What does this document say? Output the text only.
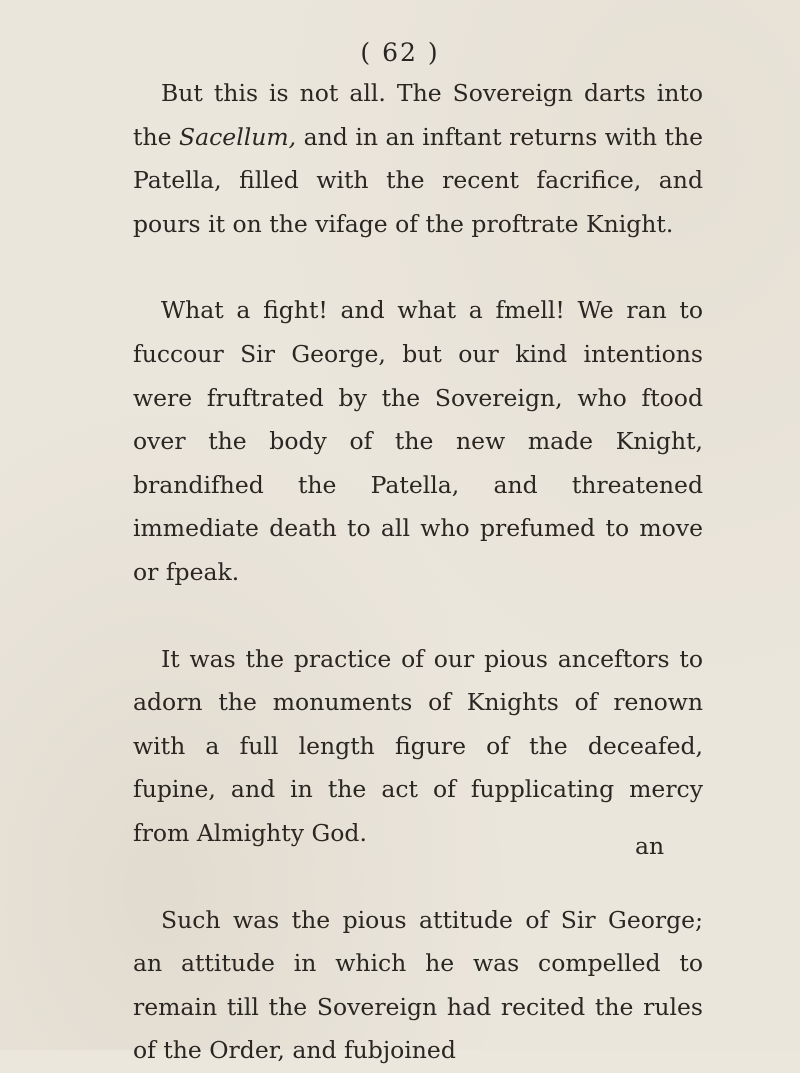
( 62 )

But this is not all. The Sovereign darts into the Sacellum, and in an inftant returns with the Patella, filled with the recent facrifice, and pours it on the vifage of the proftrate Knight.

What a fight! and what a fmell! We ran to fuccour Sir George, but our kind intentions were fruftrated by the Sovereign, who ftood over the body of the new made Knight, brandifhed the Patella, and threatened immediate death to all who prefumed to move or fpeak.

It was the practice of our pious anceftors to adorn the monuments of Knights of renown with a full length figure of the deceafed, fupine, and in the act of fupplicating mercy from Almighty God.

Such was the pious attitude of Sir George; an attitude in which he was compelled to remain till the Sovereign had recited the rules of the Order, and fubjoined

an
